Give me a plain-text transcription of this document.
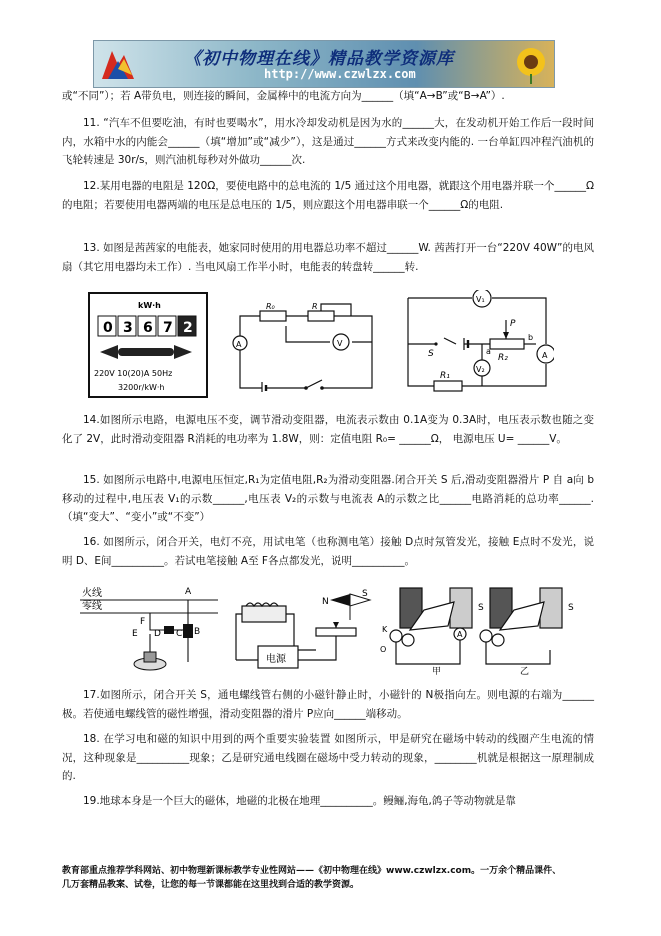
《初中物理在线》精品教学资源库
http://www.czwlzx.com

或“不同”）；若 A带负电，则连接的瞬间，金属棒中的电流方向为______（填“A→B”或“B→A”）.

11. “汽车不但要吃油，有时也要喝水”，用水冷却发动机是因为水的______大，在发动机开始工作后一段时间内，水箱中水的内能会______（填“增加”或“减少”），这是通过______方式来改变内能的. 一台单缸四冲程汽油机的飞轮转速是 30r/s，则汽油机每秒对外做功______次.

12.某用电器的电阻是 120Ω，要使电路中的总电流的 1/5 通过这个用电器，就跟这个用电器并联一个______Ω的电阻；若要使用电器两端的电压是总电压的 1/5，则应跟这个用电器串联一个______Ω的电阻.

13. 如图是茜茜家的电能表，她家同时使用的用电器总功率不超过______W. 茜茜打开一台“220V 40W”的电风扇（其它用电器均未工作）. 当电风扇工作半小时，电能表的转盘转______转.

kW·h
0 3 6 7 2
220V 10(20)A 50Hz
3200r/kW·h
A	V
R₀	R
V₁
V₂
A
S
P
R₂
R₁
a
b

14.如图所示电路，电源电压不变，调节滑动变阻器，电流表示数由 0.1A变为 0.3A时，电压表示数也随之变化了 2V，此时滑动变阻器 R消耗的电功率为 1.8W，则：定值电阻 R₀= ______Ω， 电源电压 U= ______V。

15. 如图所示电路中,电源电压恒定,R₁为定值电阻,R₂为滑动变阻器.闭合开关 S 后,滑动变阻器滑片 P 自 a向 b 移动的过程中,电压表 V₁的示数______,电压表 V₂的示数与电流表 A的示数之比______电路消耗的总功率______.（填“变大”、“变小”或“不变”）

16. 如图所示，闭合开关，电灯不亮，用试电笔（也称测电笔）接触 D点时氖管发光，接触 E点时不发光，说明 D、E间__________。若试电笔接触 A至 F各点都发光，说明__________。

火线
零线
A
F
E D C B
N
S
电源
S	S
K
A
O
甲	乙

17.如图所示，闭合开关 S，通电螺线管右侧的小磁针静止时，小磁针的 N极指向左。则电源的右端为______极。若使通电螺线管的磁性增强，滑动变阻器的滑片 P应向______端移动。

18. 在学习电和磁的知识中用到的两个重要实验装置 如图所示，甲是研究在磁场中转动的线圈产生电流的情况，这种现象是__________现象；乙是研究通电线圈在磁场中受力转动的现象，________机就是根据这一原理制成的.

19.地球本身是一个巨大的磁体，地磁的北极在地理__________。鳗鲡,海龟,鸽子等动物就是靠

教育部重点推荐学科网站、初中物理新课标教学专业性网站——《初中物理在线》www.czwlzx.com。一万余个精品课件、
几万套精品教案、试卷，让您的每一节课都能在这里找到合适的教学资源。
